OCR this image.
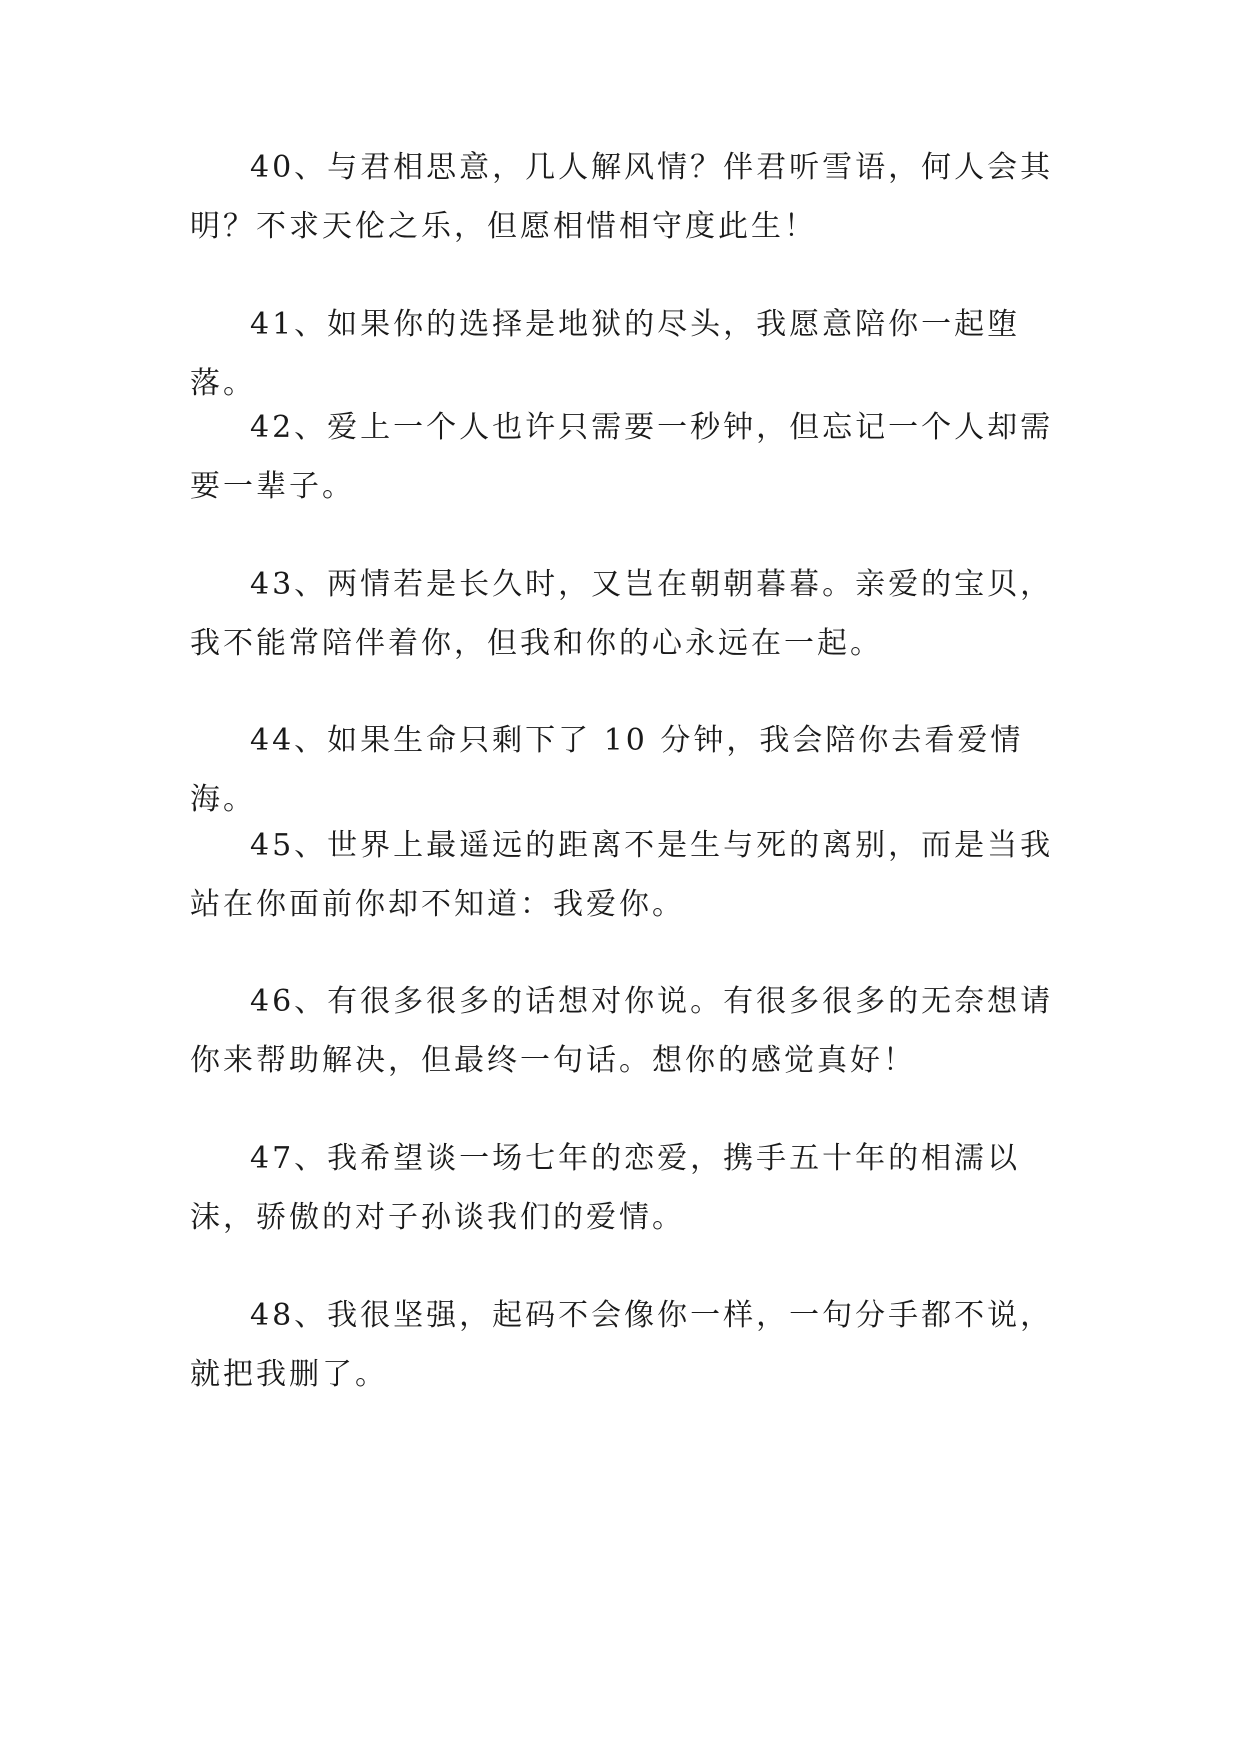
40、与君相思意，几人解风情？伴君听雪语，何人会其明？不求天伦之乐，但愿相惜相守度此生！

41、如果你的选择是地狱的尽头，我愿意陪你一起堕落。

42、爱上一个人也许只需要一秒钟，但忘记一个人却需要一辈子。

43、两情若是长久时，又岂在朝朝暮暮。亲爱的宝贝，我不能常陪伴着你，但我和你的心永远在一起。

44、如果生命只剩下了 10 分钟，我会陪你去看爱情海。

45、世界上最遥远的距离不是生与死的离别，而是当我站在你面前你却不知道：我爱你。

46、有很多很多的话想对你说。有很多很多的无奈想请你来帮助解决，但最终一句话。想你的感觉真好！

47、我希望谈一场七年的恋爱，携手五十年的相濡以沫，骄傲的对子孙谈我们的爱情。

48、我很坚强，起码不会像你一样，一句分手都不说，就把我删了。
